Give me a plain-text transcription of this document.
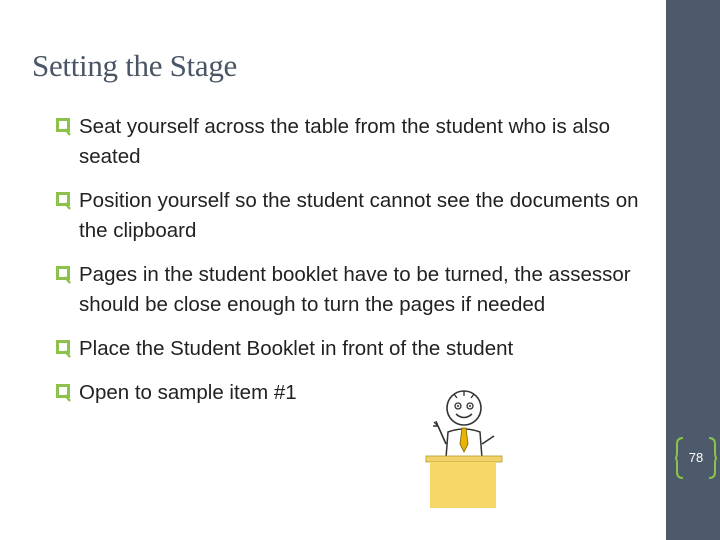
Setting the Stage
Seat yourself across the table from the student who is also seated
Position yourself so the student cannot see the documents on the clipboard
Pages in the student booklet have to be turned, the assessor should be close enough to turn the pages if needed
Place the Student Booklet in front of the student
Open to sample item #1
78
